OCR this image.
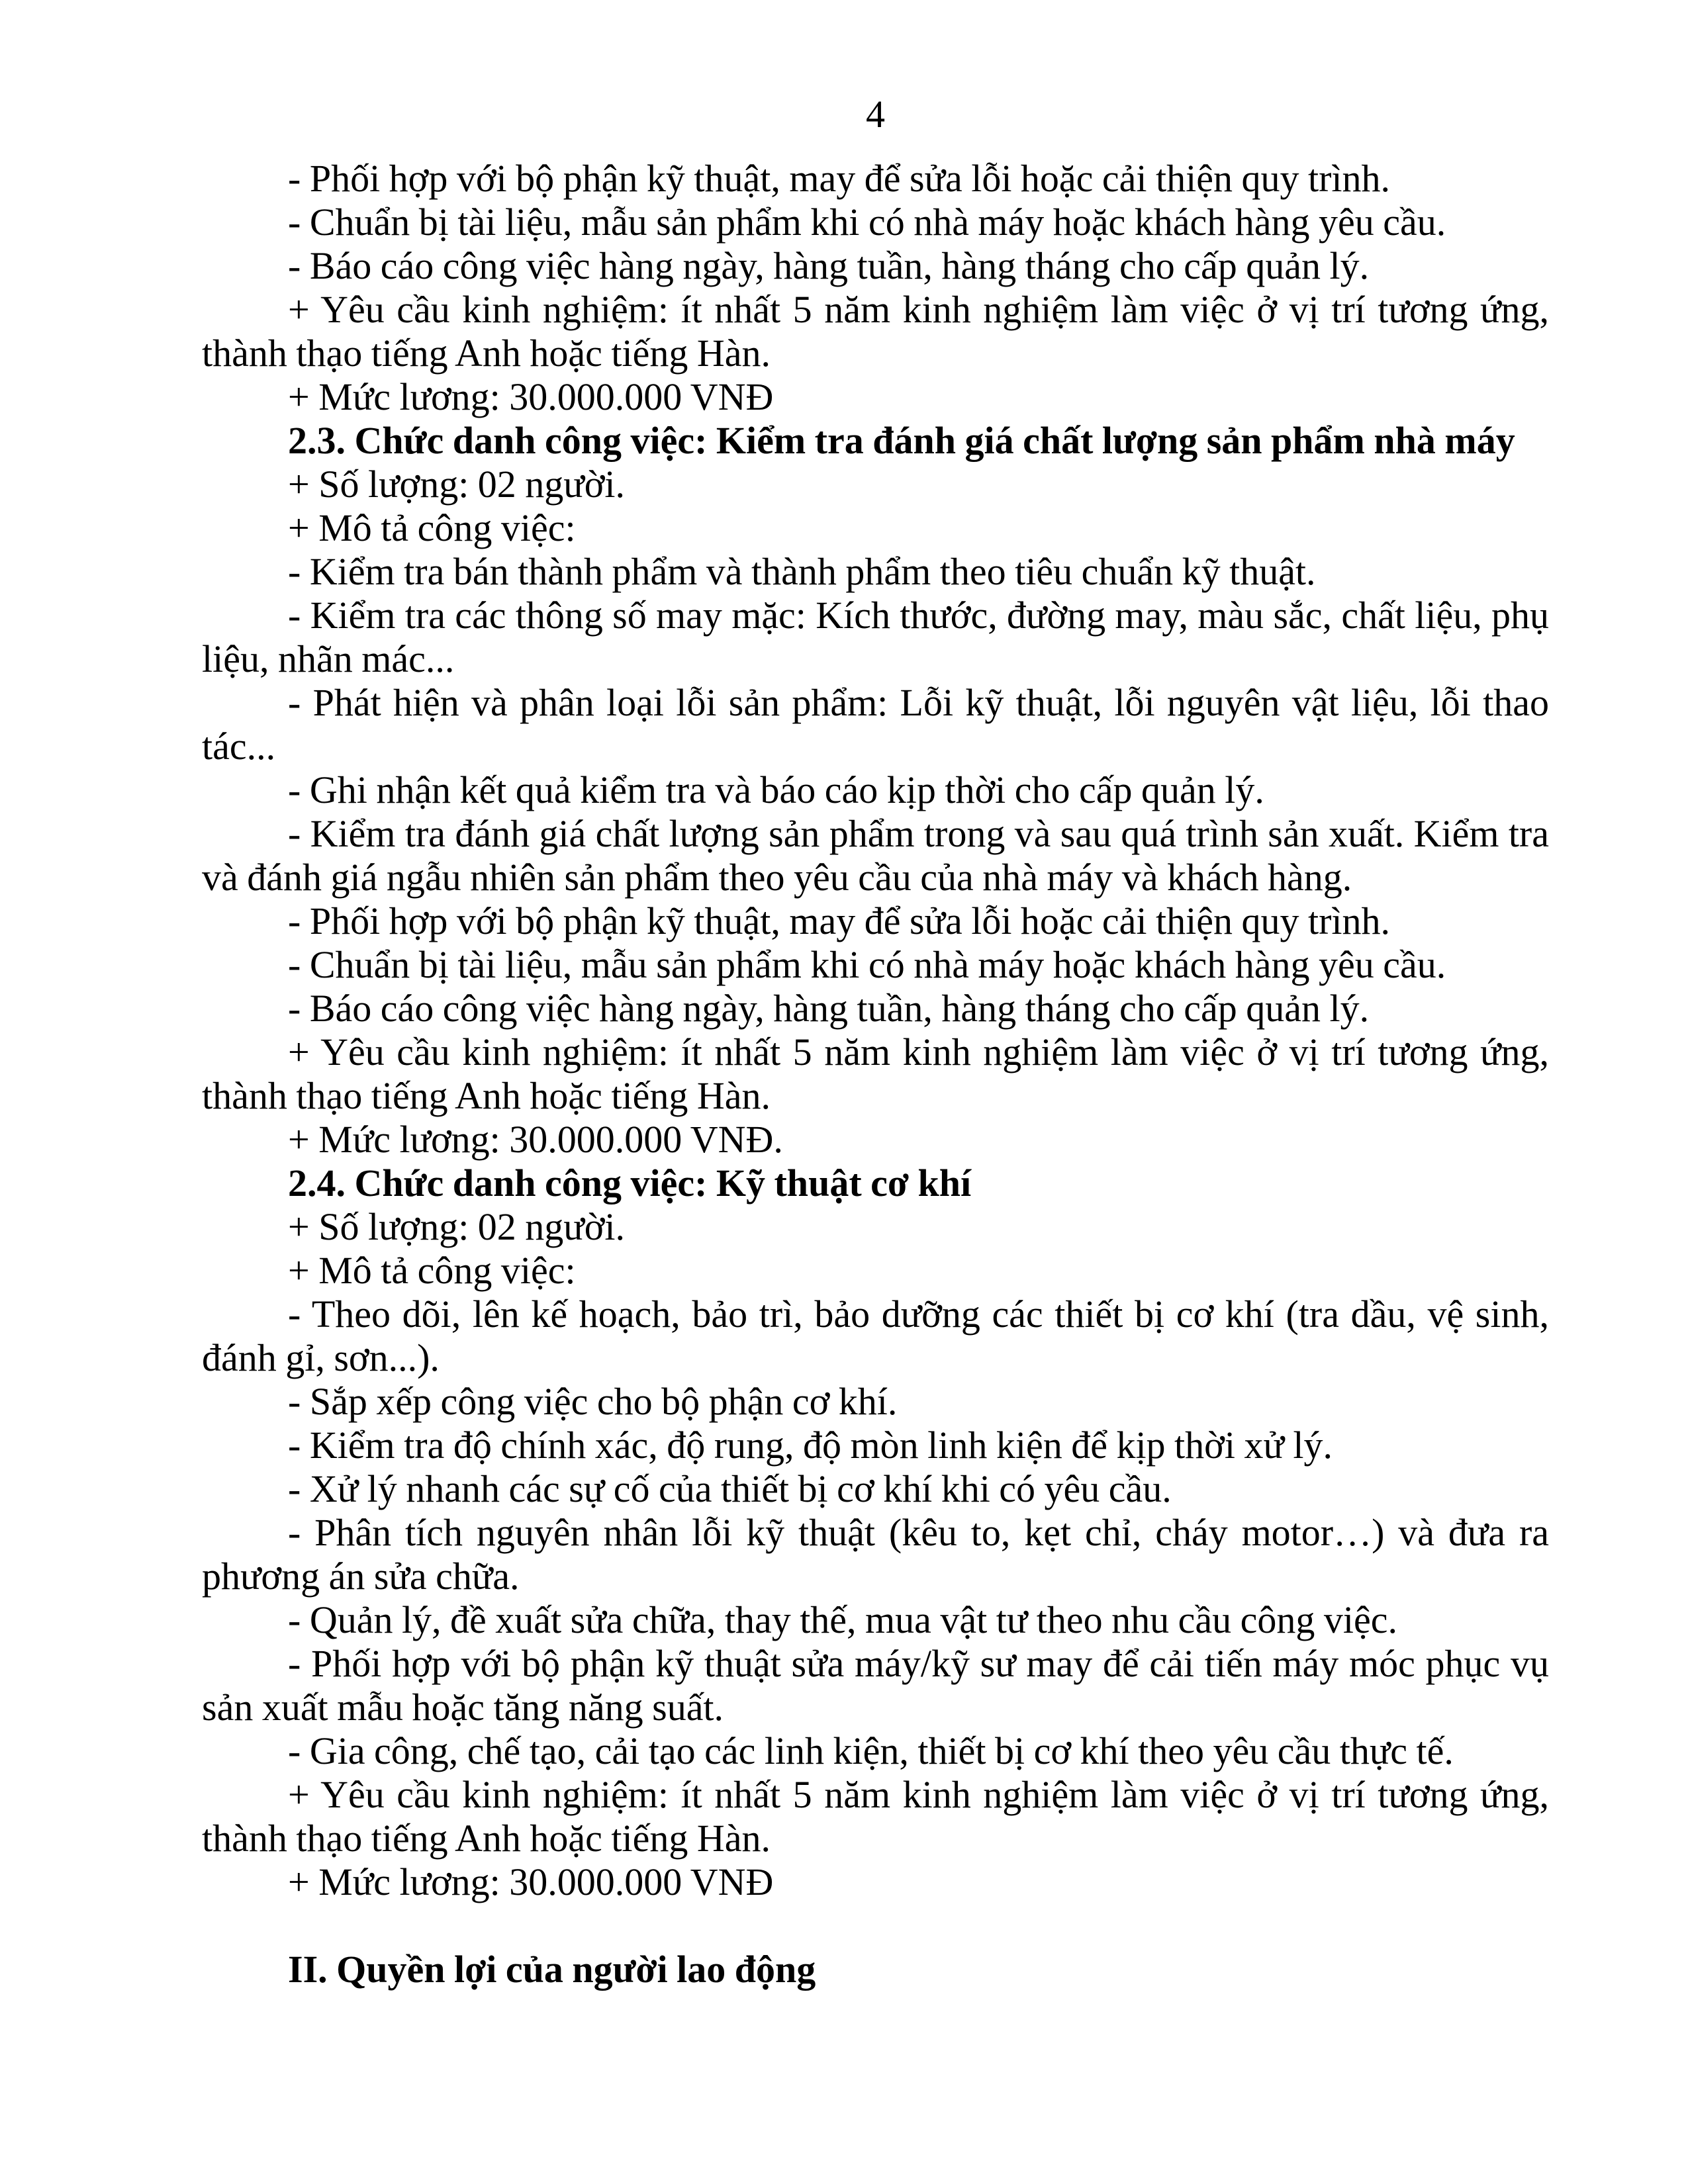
4

- Phối hợp với bộ phận kỹ thuật, may để sửa lỗi hoặc cải thiện quy trình.

- Chuẩn bị tài liệu, mẫu sản phẩm khi có nhà máy hoặc khách hàng yêu cầu.

- Báo cáo công việc hàng ngày, hàng tuần, hàng tháng cho cấp quản lý.

+ Yêu cầu kinh nghiệm: ít nhất 5 năm kinh nghiệm làm việc ở vị trí tương ứng, thành thạo tiếng Anh hoặc tiếng Hàn.

+ Mức lương: 30.000.000 VNĐ

2.3. Chức danh công việc: Kiểm tra đánh giá chất lượng sản phẩm nhà máy

+ Số lượng: 02 người.

+ Mô tả công việc:

- Kiểm tra bán thành phẩm và thành phẩm theo tiêu chuẩn kỹ thuật.

- Kiểm tra các thông số may mặc: Kích thước, đường may, màu sắc, chất liệu, phụ liệu, nhãn mác...

- Phát hiện và phân loại lỗi sản phẩm: Lỗi kỹ thuật, lỗi nguyên vật liệu, lỗi thao tác...

- Ghi nhận kết quả kiểm tra và báo cáo kịp thời cho cấp quản lý.

- Kiểm tra đánh giá chất lượng sản phẩm trong và sau quá trình sản xuất. Kiểm tra và đánh giá ngẫu nhiên sản phẩm theo yêu cầu của nhà máy và khách hàng.

- Phối hợp với bộ phận kỹ thuật, may để sửa lỗi hoặc cải thiện quy trình.

- Chuẩn bị tài liệu, mẫu sản phẩm khi có nhà máy hoặc khách hàng yêu cầu.

- Báo cáo công việc hàng ngày, hàng tuần, hàng tháng cho cấp quản lý.

+ Yêu cầu kinh nghiệm: ít nhất 5 năm kinh nghiệm làm việc ở vị trí tương ứng, thành thạo tiếng Anh hoặc tiếng Hàn.

+ Mức lương: 30.000.000 VNĐ.

2.4. Chức danh công việc: Kỹ thuật cơ khí

+ Số lượng: 02 người.

+ Mô tả công việc:

- Theo dõi, lên kế hoạch, bảo trì, bảo dưỡng các thiết bị cơ khí (tra dầu, vệ sinh, đánh gỉ, sơn...).

- Sắp xếp công việc cho bộ phận cơ khí.

- Kiểm tra độ chính xác, độ rung, độ mòn linh kiện để kịp thời xử lý.

- Xử lý nhanh các sự cố của thiết bị cơ khí khi có yêu cầu.

- Phân tích nguyên nhân lỗi kỹ thuật (kêu to, kẹt chỉ, cháy motor…) và đưa ra phương án sửa chữa.

- Quản lý, đề xuất sửa chữa, thay thế, mua vật tư theo nhu cầu công việc.

- Phối hợp với bộ phận kỹ thuật sửa máy/kỹ sư may để cải tiến máy móc phục vụ sản xuất mẫu hoặc tăng năng suất.

- Gia công, chế tạo, cải tạo các linh kiện, thiết bị cơ khí theo yêu cầu thực tế.

+ Yêu cầu kinh nghiệm: ít nhất 5 năm kinh nghiệm làm việc ở vị trí tương ứng, thành thạo tiếng Anh hoặc tiếng Hàn.

+ Mức lương: 30.000.000 VNĐ

II. Quyền lợi của người lao động
